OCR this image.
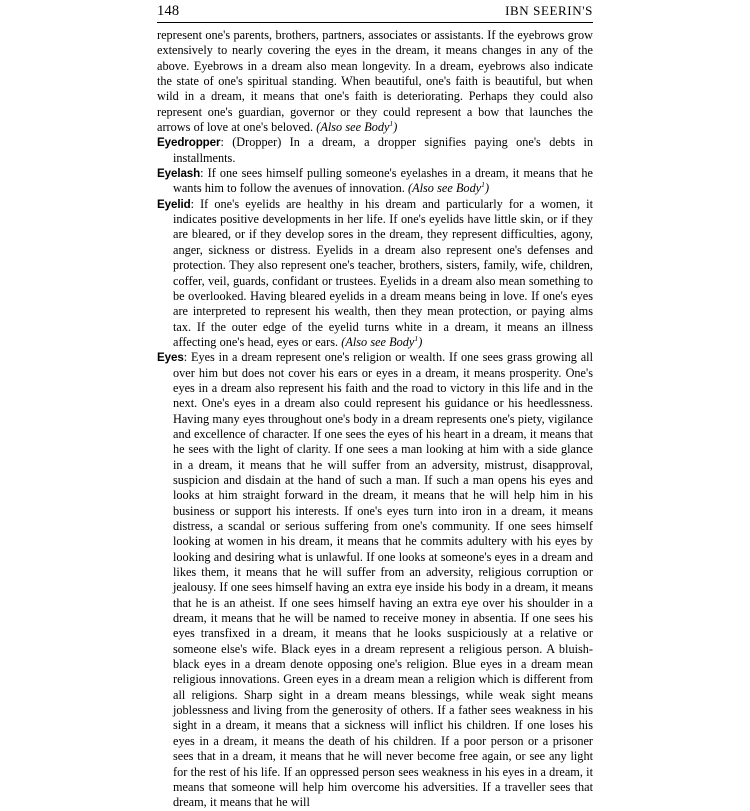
148	IBN SEERIN'S

represent one's parents, brothers, partners, associates or assistants. If the eyebrows grow extensively to nearly covering the eyes in the dream, it means changes in any of the above. Eyebrows in a dream also mean longevity. In a dream, eyebrows also indicate the state of one's spiritual standing. When beautiful, one's faith is beautiful, but when wild in a dream, it means that one's faith is deteriorating. Perhaps they could also represent one's guardian, governor or they could represent a bow that launches the arrows of love at one's beloved. (Also see Body$^1$)

Eyedropper: (Dropper) In a dream, a dropper signifies paying one's debts in installments.

Eyelash: If one sees himself pulling someone's eyelashes in a dream, it means that he wants him to follow the avenues of innovation. (Also see Body$^1$)

Eyelid: If one's eyelids are healthy in his dream and particularly for a women, it indicates positive developments in her life. If one's eyelids have little skin, or if they are bleared, or if they develop sores in the dream, they represent difficulties, agony, anger, sickness or distress. Eyelids in a dream also represent one's defenses and protection. They also represent one's teacher, brothers, sisters, family, wife, children, coffer, veil, guards, confidant or trustees. Eyelids in a dream also mean something to be overlooked. Having bleared eyelids in a dream means being in love. If one's eyes are interpreted to represent his wealth, then they mean protection, or paying alms tax. If the outer edge of the eyelid turns white in a dream, it means an illness affecting one's head, eyes or ears. (Also see Body$^1$)

Eyes: Eyes in a dream represent one's religion or wealth. If one sees grass growing all over him but does not cover his ears or eyes in a dream, it means prosperity. One's eyes in a dream also represent his faith and the road to victory in this life and in the next. One's eyes in a dream also could represent his guidance or his heedlessness. Having many eyes throughout one's body in a dream represents one's piety, vigilance and excellence of character. If one sees the eyes of his heart in a dream, it means that he sees with the light of clarity. If one sees a man looking at him with a side glance in a dream, it means that he will suffer from an adversity, mistrust, disapproval, suspicion and disdain at the hand of such a man. If such a man opens his eyes and looks at him straight forward in the dream, it means that he will help him in his business or support his interests. If one's eyes turn into iron in a dream, it means distress, a scandal or serious suffering from one's community. If one sees himself looking at women in his dream, it means that he commits adultery with his eyes by looking and desiring what is unlawful. If one looks at someone's eyes in a dream and likes them, it means that he will suffer from an adversity, religious corruption or jealousy. If one sees himself having an extra eye inside his body in a dream, it means that he is an atheist. If one sees himself having an extra eye over his shoulder in a dream, it means that he will be named to receive money in absentia. If one sees his eyes transfixed in a dream, it means that he looks suspiciously at a relative or someone else's wife. Black eyes in a dream represent a religious person. A bluish-black eyes in a dream denote opposing one's religion. Blue eyes in a dream mean religious innovations. Green eyes in a dream mean a religion which is different from all religions. Sharp sight in a dream means blessings, while weak sight means joblessness and living from the generosity of others. If a father sees weakness in his sight in a dream, it means that a sickness will inflict his children. If one loses his eyes in a dream, it means the death of his children. If a poor person or a prisoner sees that in a dream, it means that he will never become free again, or see any light for the rest of his life. If an oppressed person sees weakness in his eyes in a dream, it means that someone will help him overcome his adversities. If a traveller sees that dream, it means that he will
